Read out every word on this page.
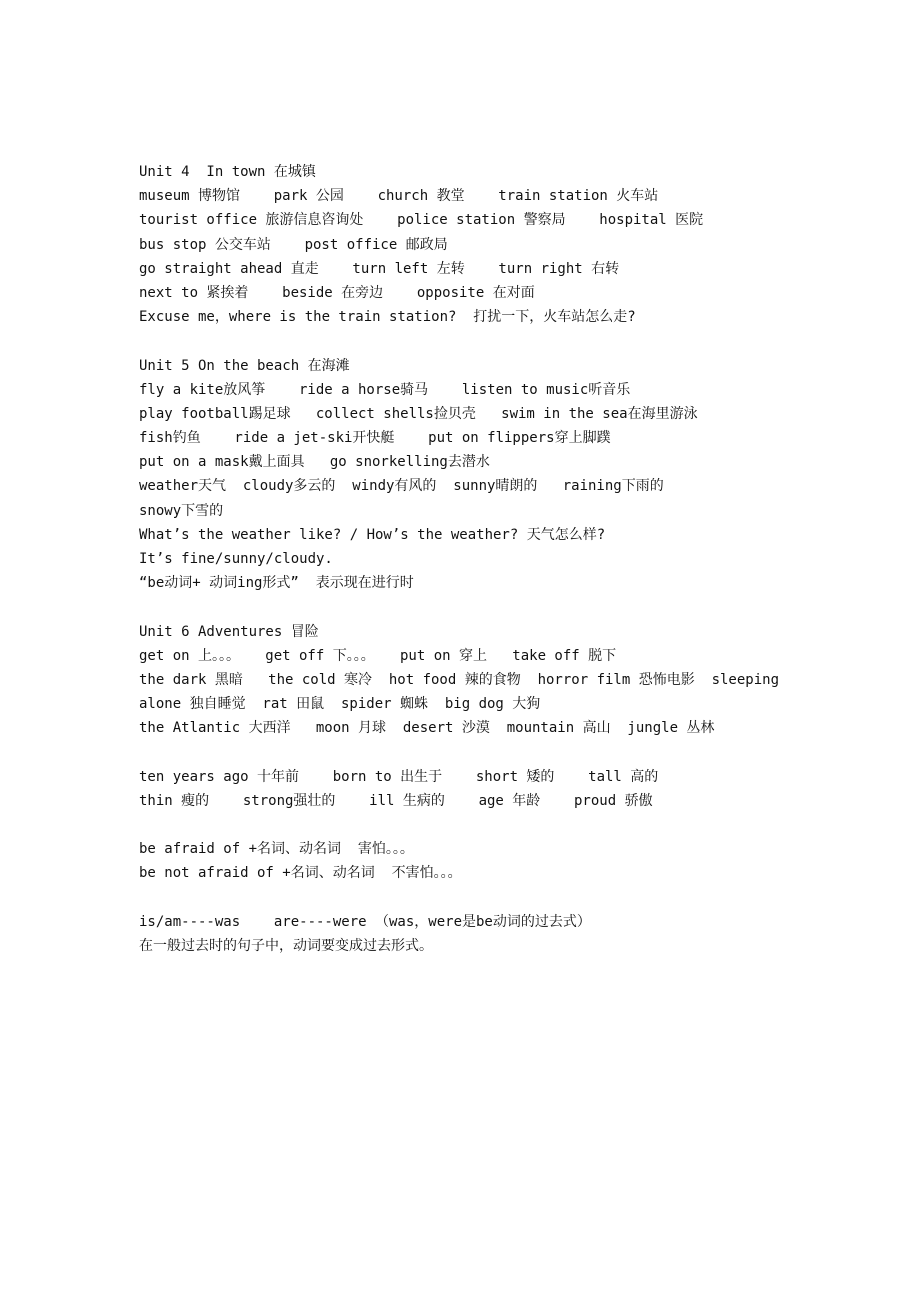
Unit 4  In town 在城镇
museum 博物馆    park 公园    church 教堂    train station 火车站
tourist office 旅游信息咨询处    police station 警察局    hospital 医院
bus stop 公交车站    post office 邮政局
go straight ahead 直走    turn left 左转    turn right 右转
next to 紧挨着    beside 在旁边    opposite 在对面
Excuse me，where is the train station?  打扰一下，火车站怎么走?
Unit 5 On the beach 在海滩
fly a kite放风筝    ride a horse骑马    listen to music听音乐
play football踢足球   collect shells捡贝壳   swim in the sea在海里游泳
fish钓鱼    ride a jet-ski开快艇    put on flippers穿上脚蹼
put on a mask戴上面具   go snorkelling去潜水
weather天气  cloudy多云的  windy有风的  sunny晴朗的   raining下雨的
snowy下雪的
What’s the weather like? / How’s the weather? 天气怎么样?
It’s fine/sunny/cloudy.
“be动词+ 动词ing形式”  表示现在进行时
Unit 6 Adventures 冒险
get on 上。。。   get off 下。。。   put on 穿上   take off 脱下
the dark 黑暗   the cold 寒冷  hot food 辣的食物  horror film 恐怖电影  sleeping
alone 独自睡觉  rat 田鼠  spider 蜘蛛  big dog 大狗
the Atlantic 大西洋   moon 月球  desert 沙漠  mountain 高山  jungle 丛林
ten years ago 十年前    born to 出生于    short 矮的    tall 高的
thin 瘦的    strong强壮的    ill 生病的    age 年龄    proud 骄傲
be afraid of +名词、动名词  害怕。。。
be not afraid of +名词、动名词  不害怕。。。
is/am----was    are----were （was，were是be动词的过去式）
在一般过去时的句子中，动词要变成过去形式。
